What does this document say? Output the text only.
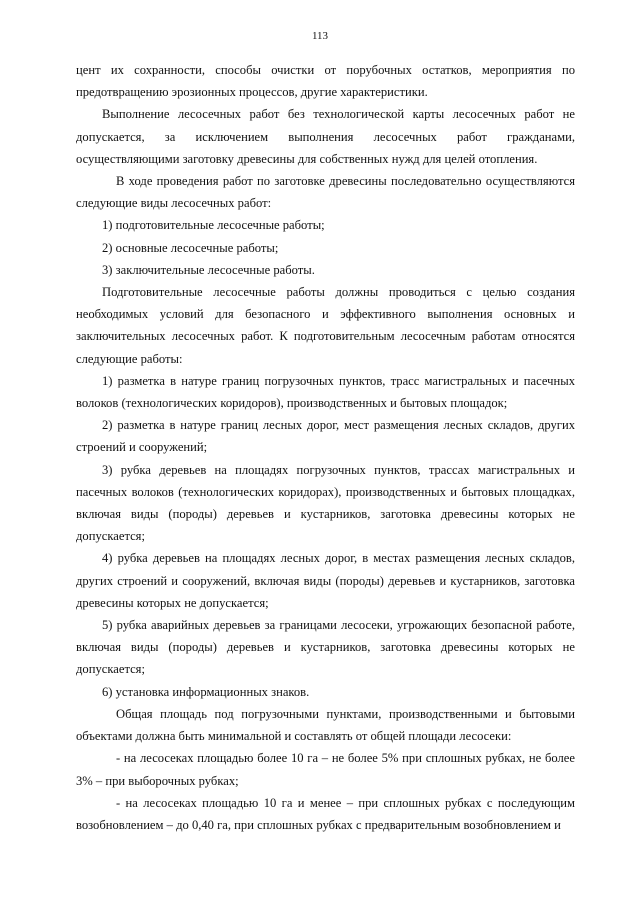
113

цент их сохранности, способы очистки от порубочных остатков, мероприятия по предотвращению эрозионных процессов, другие характеристики.

Выполнение лесосечных работ без технологической карты лесосечных работ не допускается, за исключением выполнения лесосечных работ гражданами, осуществляющими заготовку древесины для собственных нужд для целей отопления.

В ходе проведения работ по заготовке древесины последовательно осуществляются следующие виды лесосечных работ:

1) подготовительные лесосечные работы;

2) основные лесосечные работы;

3) заключительные лесосечные работы.

Подготовительные лесосечные работы должны проводиться с целью создания необходимых условий для безопасного и эффективного выполнения основных и заключительных лесосечных работ. К подготовительным лесосечным работам относятся следующие работы:

1) разметка в натуре границ погрузочных пунктов, трасс магистральных и пасечных волоков (технологических коридоров), производственных и бытовых площадок;

2) разметка в натуре границ лесных дорог, мест размещения лесных складов, других строений и сооружений;

3) рубка деревьев на площадях погрузочных пунктов, трассах магистральных и пасечных волоков (технологических коридорах), производственных и бытовых площадках, включая виды (породы) деревьев и кустарников, заготовка древесины которых не допускается;

4) рубка деревьев на площадях лесных дорог, в местах размещения лесных складов, других строений и сооружений, включая виды (породы) деревьев и кустарников, заготовка древесины которых не допускается;

5) рубка аварийных деревьев за границами лесосеки, угрожающих безопасной работе, включая виды (породы) деревьев и кустарников, заготовка древесины которых не допускается;

6) установка информационных знаков.

Общая площадь под погрузочными пунктами, производственными и бытовыми объектами должна быть минимальной и составлять от общей площади лесосеки:

- на лесосеках площадью более 10 га – не более 5% при сплошных рубках, не более 3% – при выборочных рубках;

- на лесосеках площадью 10 га и менее – при сплошных рубках с последующим возобновлением – до 0,40 га, при сплошных рубках с предварительным возобновлением и
